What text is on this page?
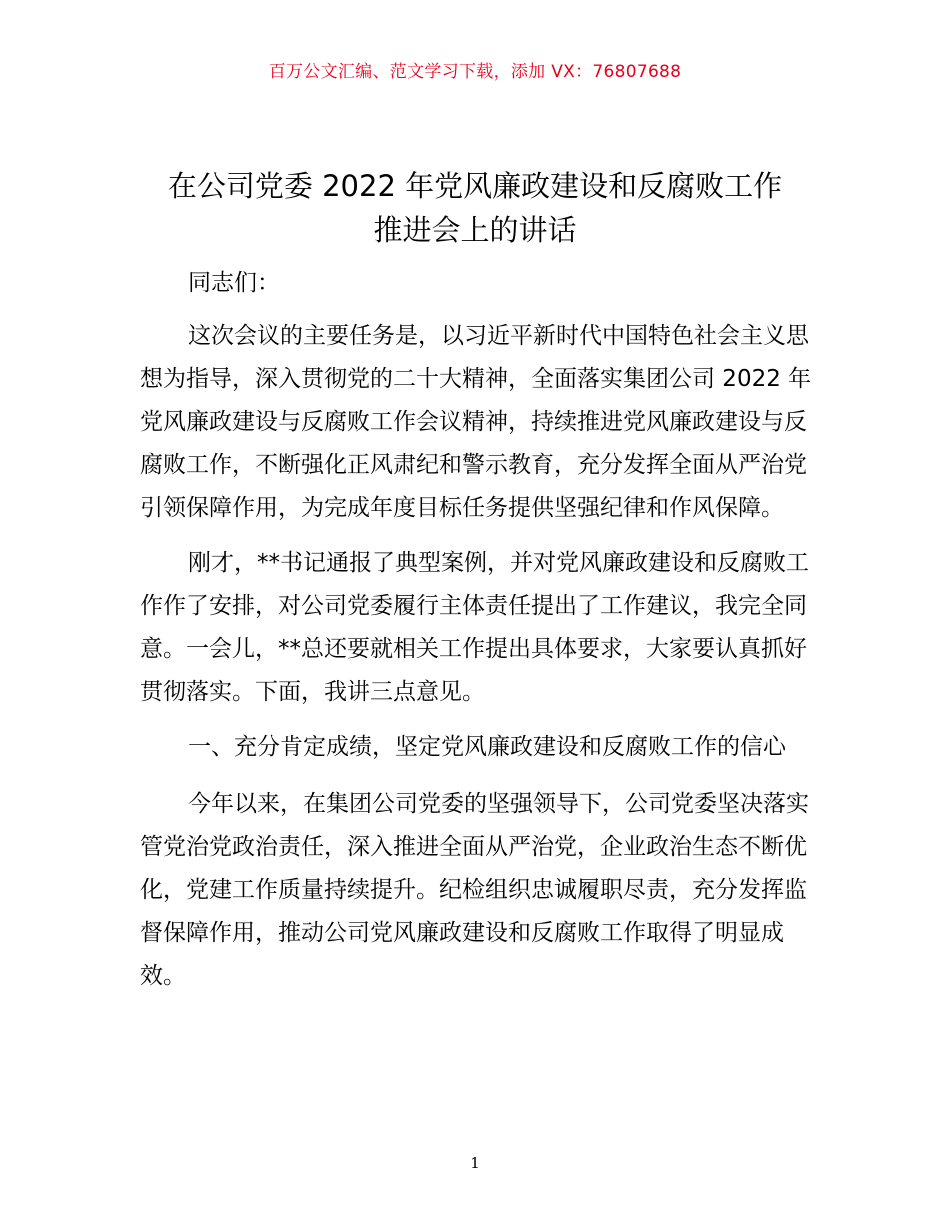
百万公文汇编、范文学习下载，添加 VX：76807688
在公司党委 2022 年党风廉政建设和反腐败工作
推进会上的讲话

同志们：

这次会议的主要任务是，以习近平新时代中国特色社会主义思想为指导，深入贯彻党的二十大精神，全面落实集团公司 2022 年党风廉政建设与反腐败工作会议精神，持续推进党风廉政建设与反腐败工作，不断强化正风肃纪和警示教育，充分发挥全面从严治党引领保障作用，为完成年度目标任务提供坚强纪律和作风保障。

刚才，**书记通报了典型案例，并对党风廉政建设和反腐败工作作了安排，对公司党委履行主体责任提出了工作建议，我完全同意。一会儿，**总还要就相关工作提出具体要求，大家要认真抓好贯彻落实。下面，我讲三点意见。

一、充分肯定成绩，坚定党风廉政建设和反腐败工作的信心

今年以来，在集团公司党委的坚强领导下，公司党委坚决落实管党治党政治责任，深入推进全面从严治党，企业政治生态不断优化，党建工作质量持续提升。纪检组织忠诚履职尽责，充分发挥监督保障作用，推动公司党风廉政建设和反腐败工作取得了明显成效。

1
